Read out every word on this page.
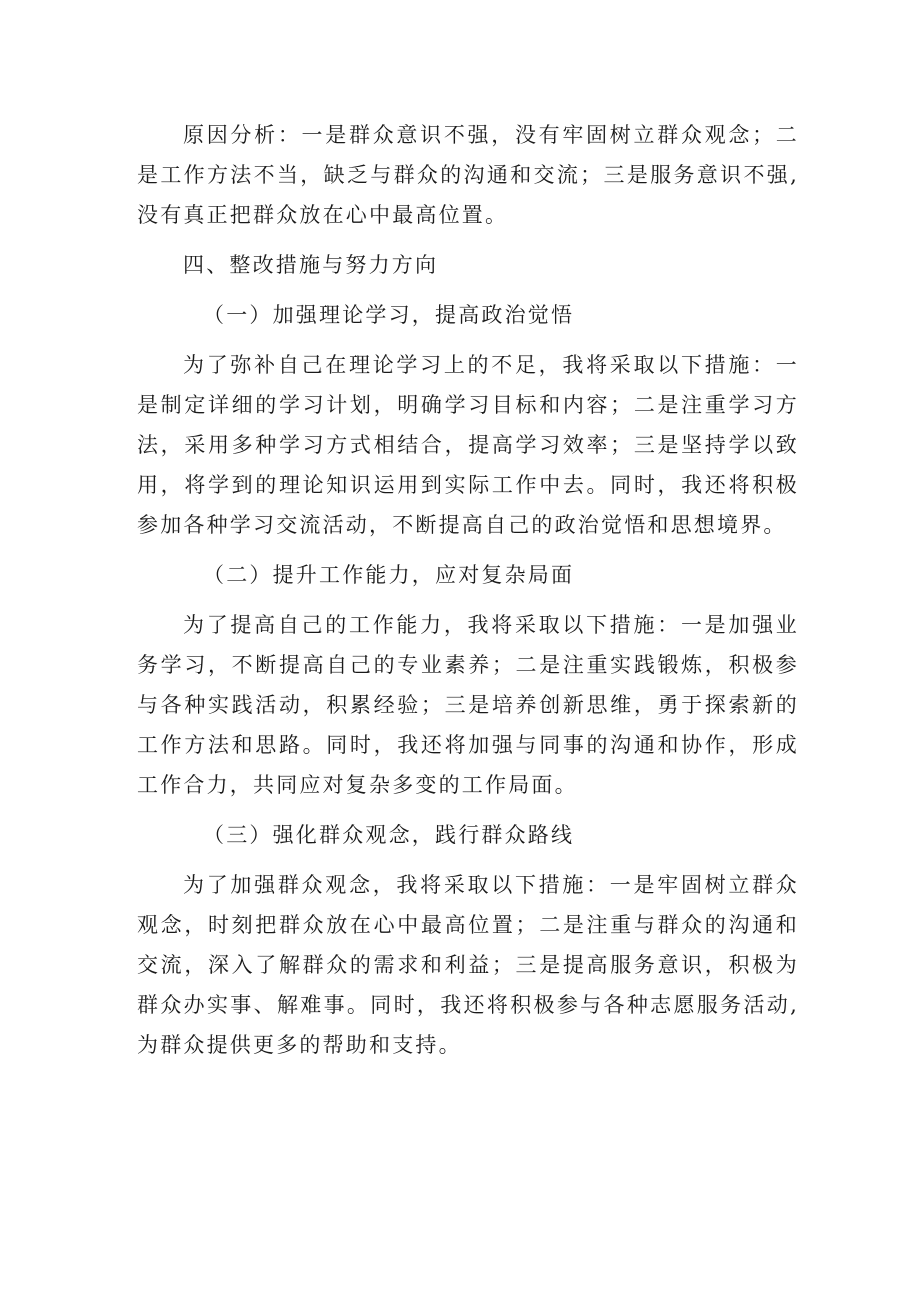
原因分析：一是群众意识不强，没有牢固树立群众观念；二是工作方法不当，缺乏与群众的沟通和交流；三是服务意识不强,没有真正把群众放在心中最高位置。

四、整改措施与努力方向

（一）加强理论学习，提高政治觉悟

为了弥补自己在理论学习上的不足，我将采取以下措施：一是制定详细的学习计划，明确学习目标和内容；二是注重学习方法，采用多种学习方式相结合，提高学习效率；三是坚持学以致用，将学到的理论知识运用到实际工作中去。同时，我还将积极参加各种学习交流活动，不断提高自己的政治觉悟和思想境界。

（二）提升工作能力，应对复杂局面

为了提高自己的工作能力，我将采取以下措施：一是加强业务学习，不断提高自己的专业素养；二是注重实践锻炼，积极参与各种实践活动，积累经验；三是培养创新思维，勇于探索新的工作方法和思路。同时，我还将加强与同事的沟通和协作，形成工作合力，共同应对复杂多变的工作局面。

（三）强化群众观念，践行群众路线

为了加强群众观念，我将采取以下措施：一是牢固树立群众观念，时刻把群众放在心中最高位置；二是注重与群众的沟通和交流，深入了解群众的需求和利益；三是提高服务意识，积极为群众办实事、解难事。同时，我还将积极参与各种志愿服务活动,为群众提供更多的帮助和支持。
